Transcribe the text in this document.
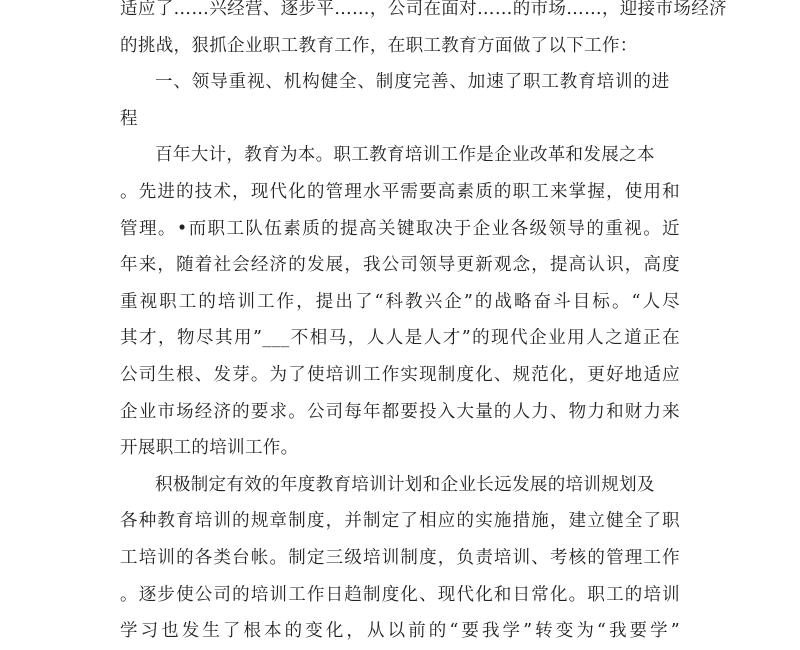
适应了……兴经营、逐步平……，公司在面对……的市场……，迎接市场经济
的挑战，狠抓企业职工教育工作，在职工教育方面做了以下工作：
一、领导重视、机构健全、制度完善、加速了职工教育培训的进
程
百年大计，教育为本。职工教育培训工作是企业改革和发展之本
。先进的技术，现代化的管理水平需要高素质的职工来掌握，使用和
管理。•而职工队伍素质的提高关键取决于企业各级领导的重视。近
年来，随着社会经济的发展，我公司领导更新观念，提高认识，高度
重视职工的培训工作，提出了“科教兴企”的战略奋斗目标。“人尽
其才，物尽其用”___不相马，人人是人才”的现代企业用人之道正在
公司生根、发芽。为了使培训工作实现制度化、规范化，更好地适应
企业市场经济的要求。公司每年都要投入大量的人力、物力和财力来
开展职工的培训工作。
积极制定有效的年度教育培训计划和企业长远发展的培训规划及
各种教育培训的规章制度，并制定了相应的实施措施，建立健全了职
工培训的各类台帐。制定三级培训制度，负责培训、考核的管理工作
。逐步使公司的培训工作日趋制度化、现代化和日常化。职工的培训
学习也发生了根本的变化，从以前的“要我学”转变为“我要学”
